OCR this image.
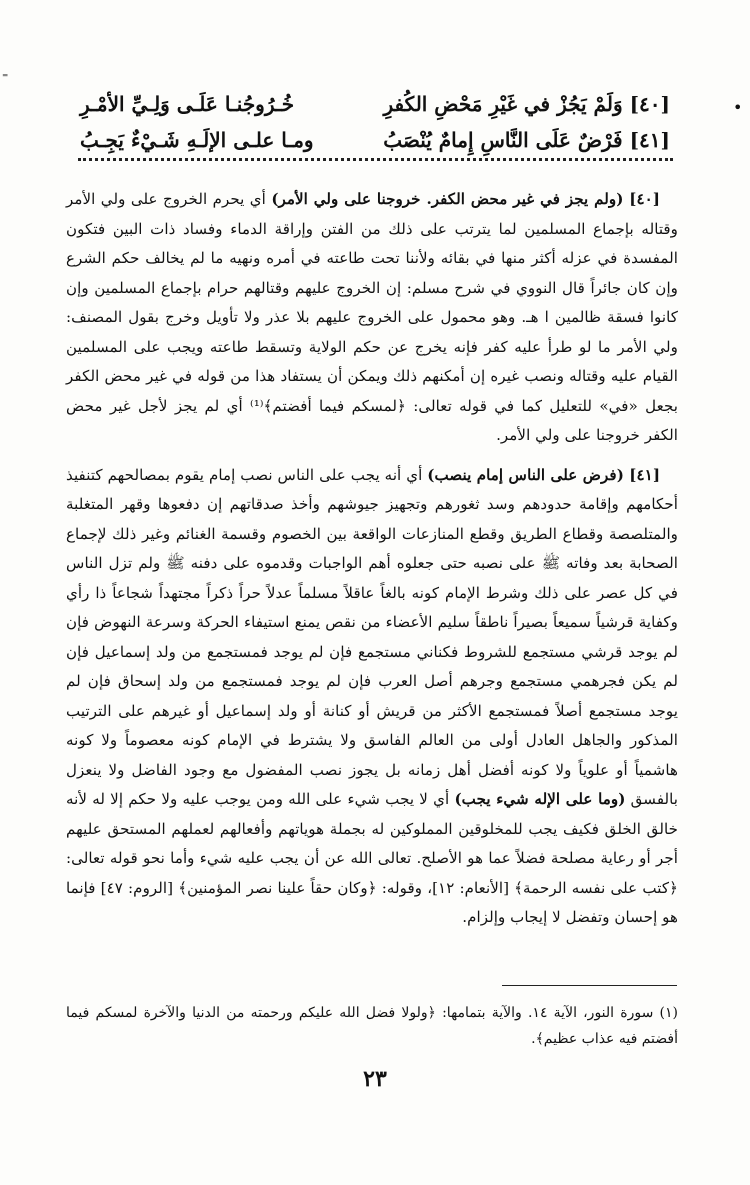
⁼
•
[٤٠] وَلَمْ يَجُزْ في غَيْرِ مَحْضِ الكُفرِ
خُـرُوجُنـا عَلَـى وَلِـيِّ الأمْـرِ
[٤١] فَرْضٌ عَلَى النَّاسِ إِمامٌ يُنْصَبُ
ومـا علـى الإلَـهِ شَـيْءٌ يَجِـبُ

[٤٠] (ولم يجز في غير محض الكفر. خروجنا على ولي الأمر) أي يحرم الخروج على ولي الأمر وقتاله بإجماع المسلمين لما يترتب على ذلك من الفتن وإراقة الدماء وفساد ذات البين فتكون المفسدة في عزله أكثر منها في بقائه ولأننا تحت طاعته في أمره ونهيه ما لم يخالف حكم الشرع وإن كان جائراً قال النووي في شرح مسلم: إن الخروج عليهم وقتالهم حرام بإجماع المسلمين وإن كانوا فسقة ظالمين ا هـ. وهو محمول على الخروج عليهم بلا عذر ولا تأويل وخرج بقول المصنف: ولي الأمر ما لو طرأ عليه كفر فإنه يخرج عن حكم الولاية وتسقط طاعته ويجب على المسلمين القيام عليه وقتاله ونصب غيره إن أمكنهم ذلك ويمكن أن يستفاد هذا من قوله في غير محض الكفر بجعل «في» للتعليل كما في قوله تعالى: ﴿لمسكم فيما أفضتم﴾⁽¹⁾ أي لم يجز لأجل غير محض الكفر خروجنا على ولي الأمر.

[٤١] (فرض على الناس إمام ينصب) أي أنه يجب على الناس نصب إمام يقوم بمصالحهم كتنفيذ أحكامهم وإقامة حدودهم وسد ثغورهم وتجهيز جيوشهم وأخذ صدقاتهم إن دفعوها وقهر المتغلبة والمتلصصة وقطاع الطريق وقطع المنازعات الواقعة بين الخصوم وقسمة الغنائم وغير ذلك لإجماع الصحابة بعد وفاته ﷺ على نصبه حتى جعلوه أهم الواجبات وقدموه على دفنه ﷺ ولم تزل الناس في كل عصر على ذلك وشرط الإمام كونه بالغاً عاقلاً مسلماً عدلاً حراً ذكراً مجتهداً شجاعاً ذا رأي وكفاية قرشياً سميعاً بصيراً ناطقاً سليم الأعضاء من نقص يمنع استيفاء الحركة وسرعة النهوض فإن لم يوجد قرشي مستجمع للشروط فكناني مستجمع فإن لم يوجد فمستجمع من ولد إسماعيل فإن لم يكن فجرهمي مستجمع وجرهم أصل العرب فإن لم يوجد فمستجمع من ولد إسحاق فإن لم يوجد مستجمع أصلاً فمستجمع الأكثر من قريش أو كنانة أو ولد إسماعيل أو غيرهم على الترتيب المذكور والجاهل العادل أولى من العالم الفاسق ولا يشترط في الإمام كونه معصوماً ولا كونه هاشمياً أو علوياً ولا كونه أفضل أهل زمانه بل يجوز نصب المفضول مع وجود الفاضل ولا ينعزل بالفسق (وما على الإله شيء يجب) أي لا يجب شيء على الله ومن يوجب عليه ولا حكم إلا له لأنه خالق الخلق فكيف يجب للمخلوقين المملوكين له بجملة هوياتهم وأفعالهم لعملهم المستحق عليهم أجر أو رعاية مصلحة فضلاً عما هو الأصلح. تعالى الله عن أن يجب عليه شيء وأما نحو قوله تعالى: ﴿كتب على نفسه الرحمة﴾ [الأنعام: ١٢]، وقوله: ﴿وكان حقاً علينا نصر المؤمنين﴾ [الروم: ٤٧] فإنما هو إحسان وتفضل لا إيجاب وإلزام.

(١) سورة النور، الآية ١٤. والآية بتمامها: ﴿ولولا فضل الله عليكم ورحمته من الدنيا والآخرة لمسكم فيما أفضتم فيه عذاب عظيم﴾.
٢٣
